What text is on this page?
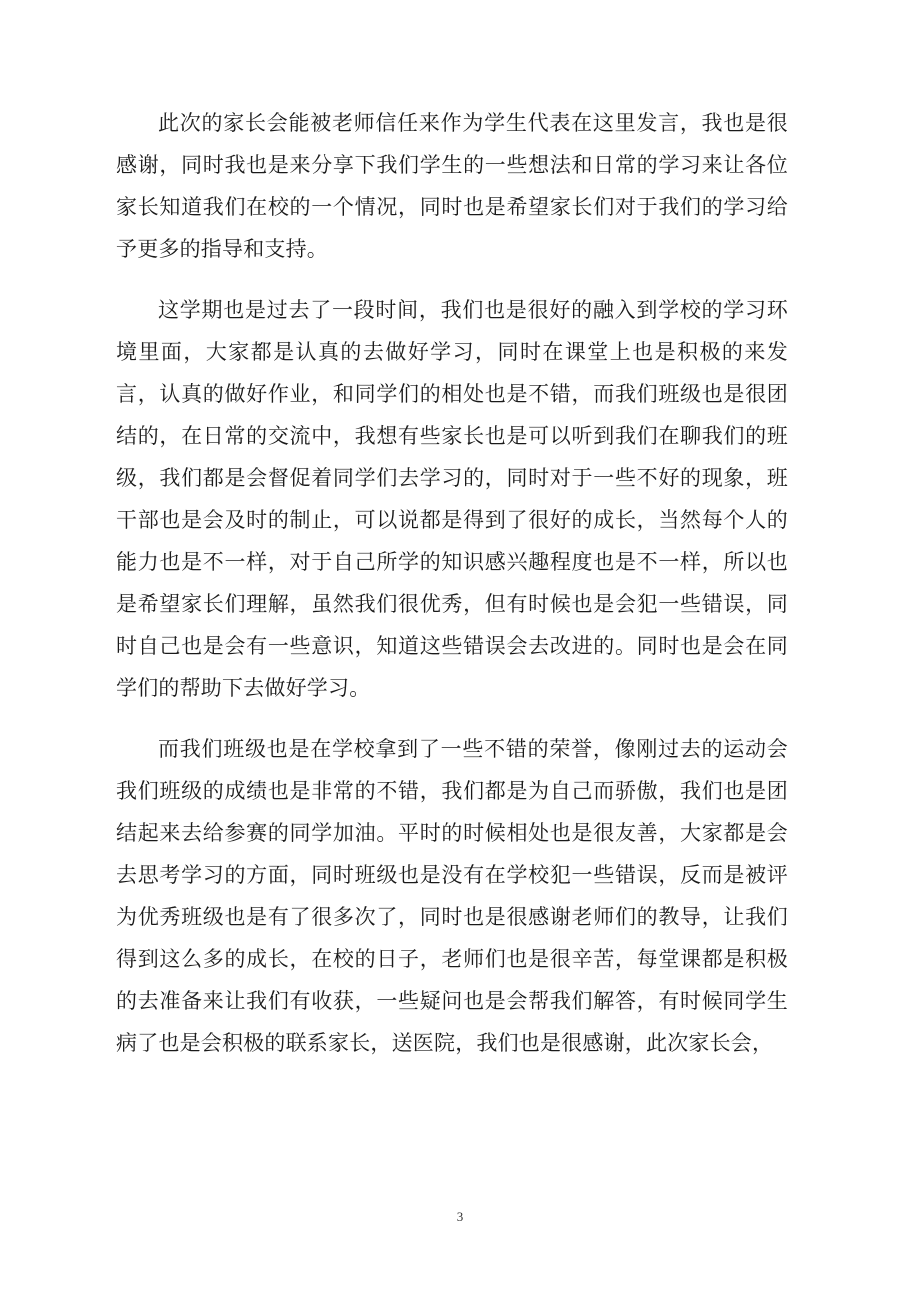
此次的家长会能被老师信任来作为学生代表在这里发言，我也是很感谢，同时我也是来分享下我们学生的一些想法和日常的学习来让各位家长知道我们在校的一个情况，同时也是希望家长们对于我们的学习给予更多的指导和支持。

这学期也是过去了一段时间，我们也是很好的融入到学校的学习环境里面，大家都是认真的去做好学习，同时在课堂上也是积极的来发言，认真的做好作业，和同学们的相处也是不错，而我们班级也是很团结的，在日常的交流中，我想有些家长也是可以听到我们在聊我们的班级，我们都是会督促着同学们去学习的，同时对于一些不好的现象，班干部也是会及时的制止，可以说都是得到了很好的成长，当然每个人的能力也是不一样，对于自己所学的知识感兴趣程度也是不一样，所以也是希望家长们理解，虽然我们很优秀，但有时候也是会犯一些错误，同时自己也是会有一些意识，知道这些错误会去改进的。同时也是会在同学们的帮助下去做好学习。

而我们班级也是在学校拿到了一些不错的荣誉，像刚过去的运动会我们班级的成绩也是非常的不错，我们都是为自己而骄傲，我们也是团结起来去给参赛的同学加油。平时的时候相处也是很友善，大家都是会去思考学习的方面，同时班级也是没有在学校犯一些错误，反而是被评为优秀班级也是有了很多次了，同时也是很感谢老师们的教导，让我们得到这么多的成长，在校的日子，老师们也是很辛苦，每堂课都是积极的去准备来让我们有收获，一些疑问也是会帮我们解答，有时候同学生病了也是会积极的联系家长，送医院，我们也是很感谢，此次家长会，

3
